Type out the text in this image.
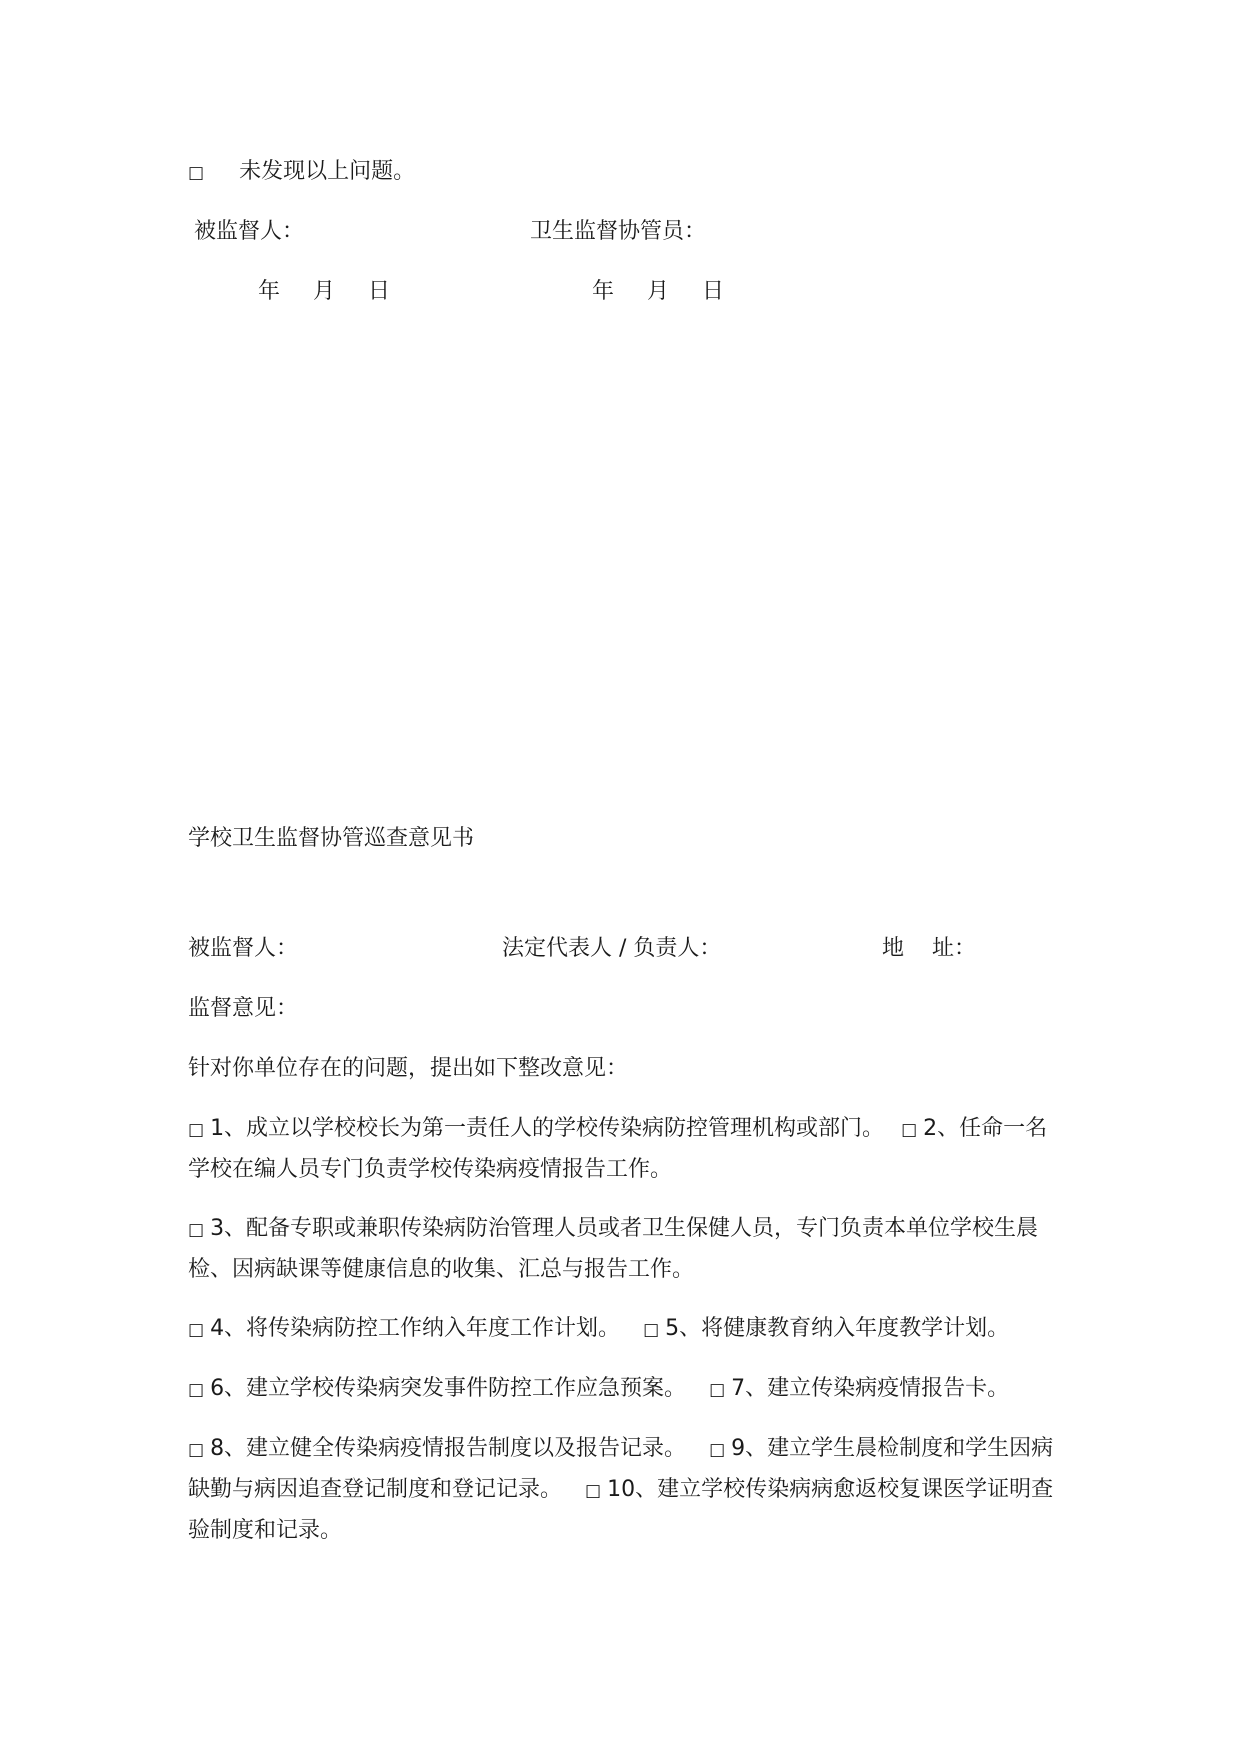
□ 未发现以上问题。
被监督人：	卫生监督协管员：
年 月 日	年 月 日
学校卫生监督协管巡查意见书
被监督人：	法定代表人 / 负责人：	地    址：
监督意见：
针对你单位存在的问题，提出如下整改意见：
□ 1、成立以学校校长为第一责任人的学校传染病防控管理机构或部门。 □ 2、任命一名学校在编人员专门负责学校传染病疫情报告工作。
□ 3、配备专职或兼职传染病防治管理人员或者卫生保健人员，专门负责本单位学校生晨检、因病缺课等健康信息的收集、汇总与报告工作。
□ 4、将传染病防控工作纳入年度工作计划。 □ 5、将健康教育纳入年度教学计划。
□ 6、建立学校传染病突发事件防控工作应急预案。 □ 7、建立传染病疫情报告卡。
□ 8、建立健全传染病疫情报告制度以及报告记录。 □ 9、建立学生晨检制度和学生因病缺勤与病因追查登记制度和登记记录。 □ 10、建立学校传染病病愈返校复课医学证明查验制度和记录。
